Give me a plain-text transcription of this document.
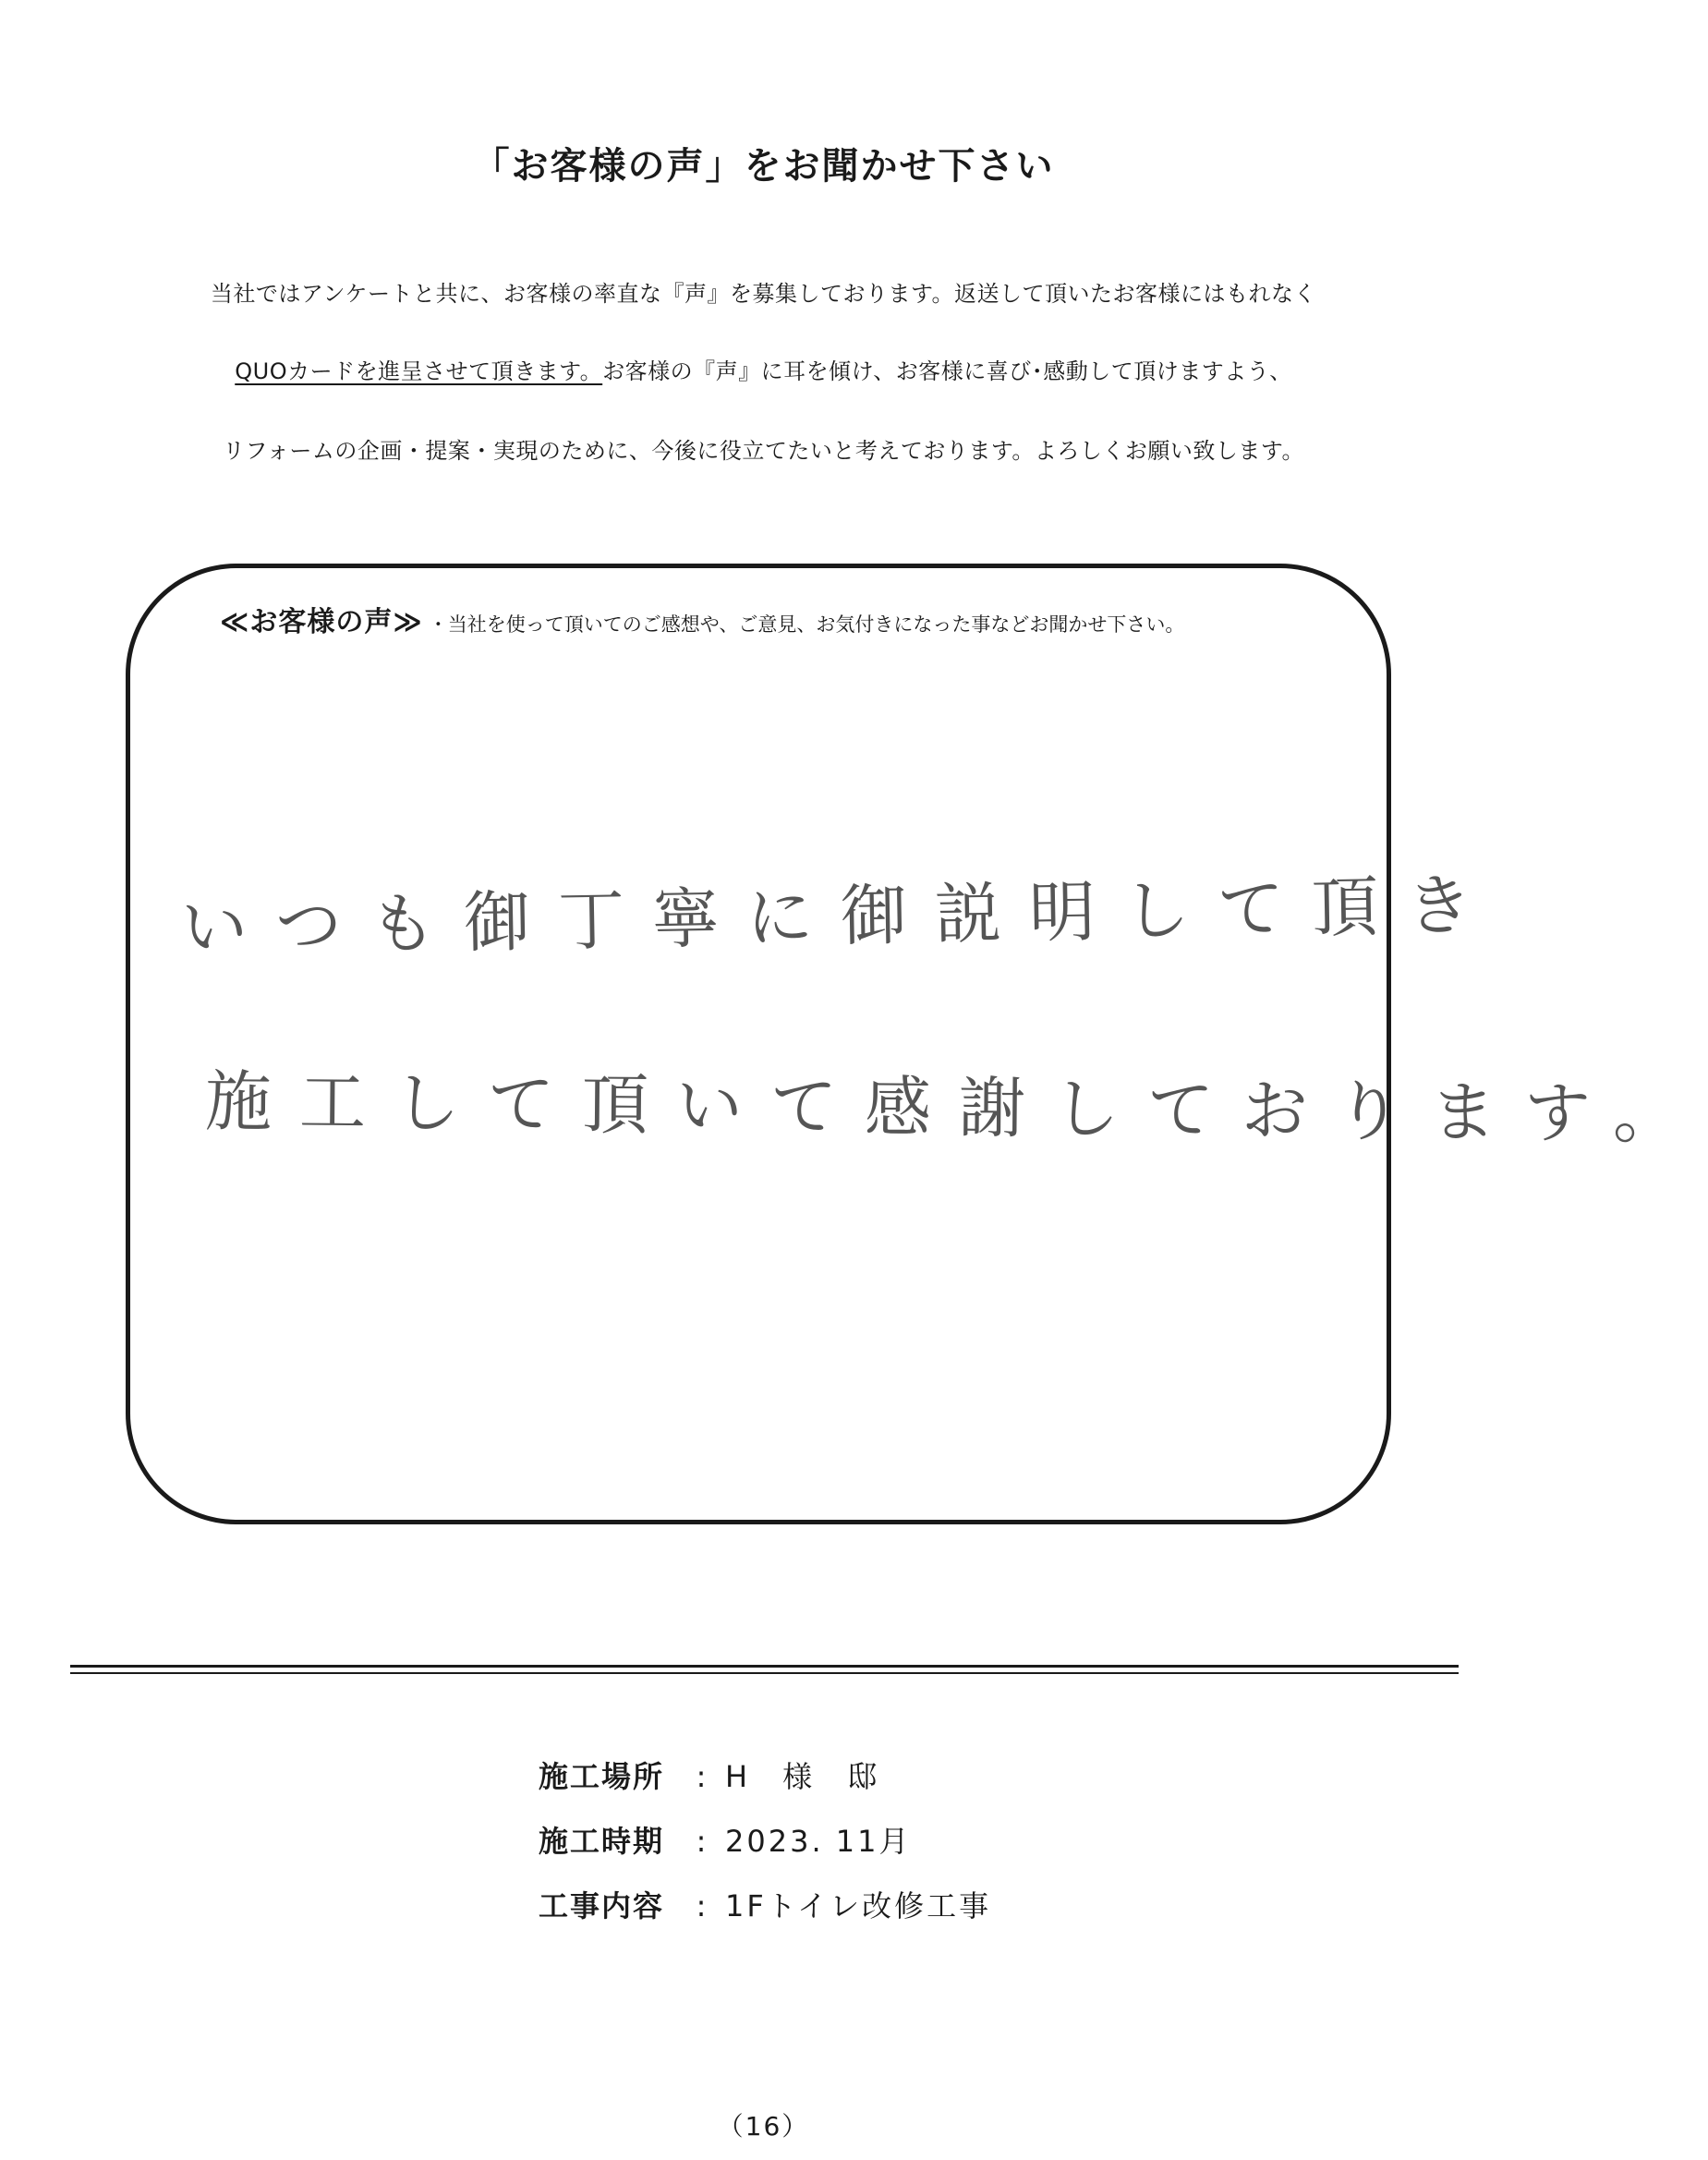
「お客様の声」をお聞かせ下さい
当社ではアンケートと共に、お客様の率直な『声』を募集しております。返送して頂いたお客様にはもれなく
QUOカードを進呈させて頂きます。お客様の『声』に耳を傾け、お客様に喜び･感動して頂けますよう、
リフォームの企画・提案・実現のために、今後に役立てたいと考えております。よろしくお願い致します。
≪お客様の声≫ ・当社を使って頂いてのご感想や、ご意見、お気付きになった事などお聞かせ下さい。
いつも御丁寧に御説明して頂き
施工して頂いて感謝しております。
施工場所 : H　様　邸
施工時期 : 2023. 11月
工事内容 : 1Fトイレ改修工事
（16）
